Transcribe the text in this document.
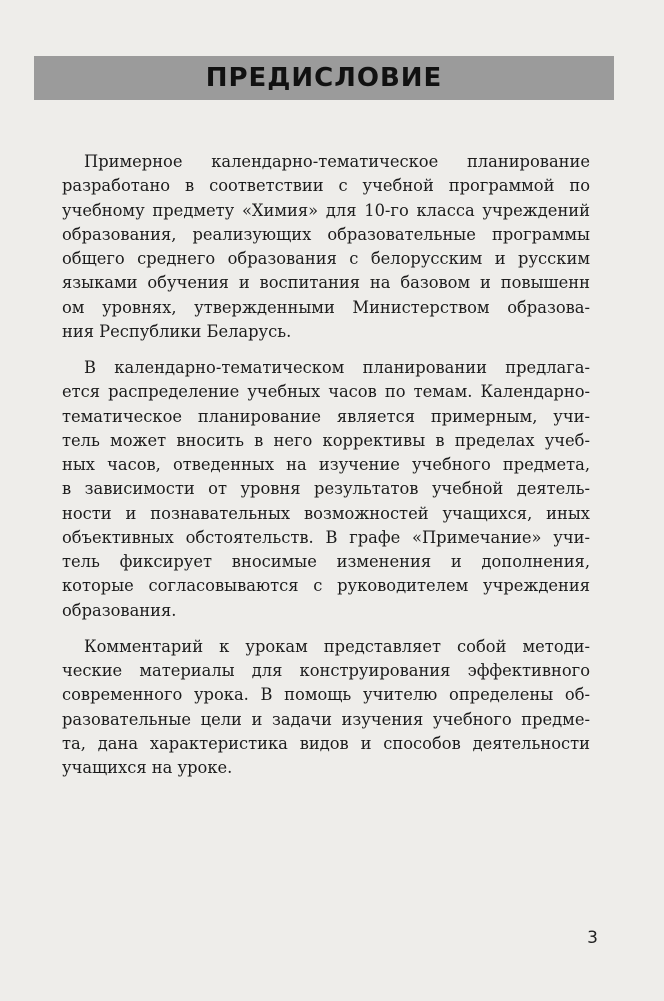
ПРЕДИСЛОВИЕ
Примерное календарно-тематическое планирование
разработано в соответствии с учебной программой по
учебному предмету «Химия» для 10-го класса учреждений
образования, реализующих образовательные программы
общего среднего образования с белорусским и русским
языками обучения и воспитания на базовом и повышенн
ом уровнях, утвержденными Министерством образова-
ния Республики Беларусь.
В календарно-тематическом планировании предлага-
ется распределение учебных часов по темам. Календарно-
тематическое планирование является примерным, учи-
тель может вносить в него коррективы в пределах учеб-
ных часов, отведенных на изучение учебного предмета,
в зависимости от уровня результатов учебной деятель-
ности и познавательных возможностей учащихся, иных
объективных обстоятельств. В графе «Примечание» учи-
тель фиксирует вносимые изменения и дополнения,
которые согласовываются с руководителем учреждения
образования.
Комментарий к урокам представляет собой методи-
ческие материалы для конструирования эффективного
современного урока. В помощь учителю определены об-
разовательные цели и задачи изучения учебного предме-
та, дана характеристика видов и способов деятельности
учащихся на уроке.
3
